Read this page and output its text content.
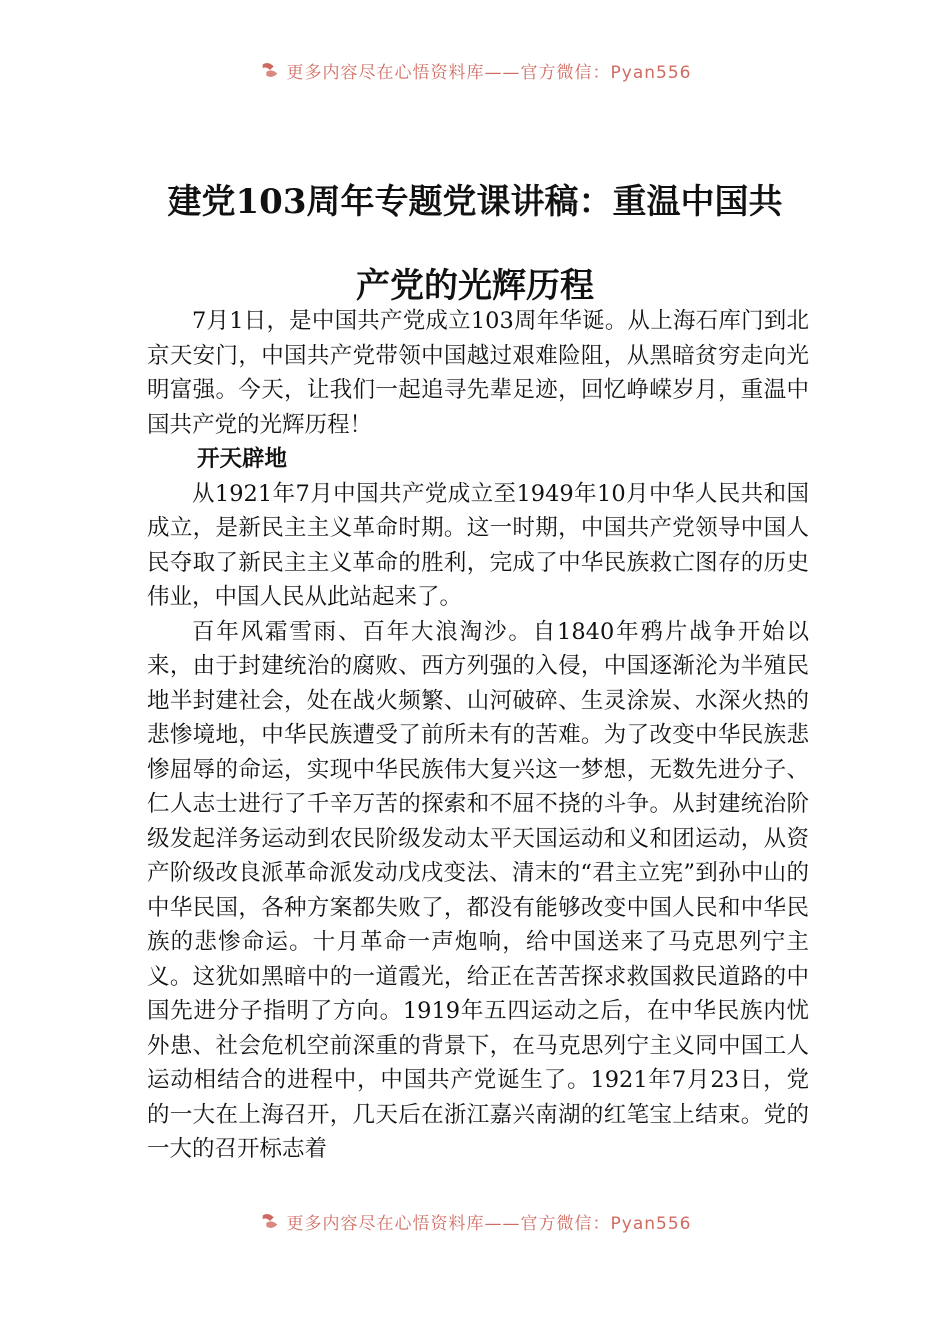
更多内容尽在心悟资料库——官方微信：Pyan556
建党103周年专题党课讲稿：重温中国共
产党的光辉历程

7月1日，是中国共产党成立103周年华诞。从上海石库门到北京天安门，中国共产党带领中国越过艰难险阻，从黑暗贫穷走向光明富强。今天，让我们一起追寻先辈足迹，回忆峥嵘岁月，重温中国共产党的光辉历程！

开天辟地

从1921年7月中国共产党成立至1949年10月中华人民共和国成立，是新民主主义革命时期。这一时期，中国共产党领导中国人民夺取了新民主主义革命的胜利，完成了中华民族救亡图存的历史伟业，中国人民从此站起来了。

百年风霜雪雨、百年大浪淘沙。自1840年鸦片战争开始以来，由于封建统治的腐败、西方列强的入侵，中国逐渐沦为半殖民地半封建社会，处在战火频繁、山河破碎、生灵涂炭、水深火热的悲惨境地，中华民族遭受了前所未有的苦难。为了改变中华民族悲惨屈辱的命运，实现中华民族伟大复兴这一梦想，无数先进分子、仁人志士进行了千辛万苦的探索和不屈不挠的斗争。从封建统治阶级发起洋务运动到农民阶级发动太平天国运动和义和团运动，从资产阶级改良派革命派发动戊戌变法、清末的“君主立宪”到孙中山的中华民国，各种方案都失败了，都没有能够改变中国人民和中华民族的悲惨命运。十月革命一声炮响，给中国送来了马克思列宁主义。这犹如黑暗中的一道霞光，给正在苦苦探求救国救民道路的中国先进分子指明了方向。1919年五四运动之后，在中华民族内忧外患、社会危机空前深重的背景下，在马克思列宁主义同中国工人运动相结合的进程中，中国共产党诞生了。1921年7月23日，党的一大在上海召开，几天后在浙江嘉兴南湖的红笔宝上结束。党的一大的召开标志着

更多内容尽在心悟资料库——官方微信：Pyan556
